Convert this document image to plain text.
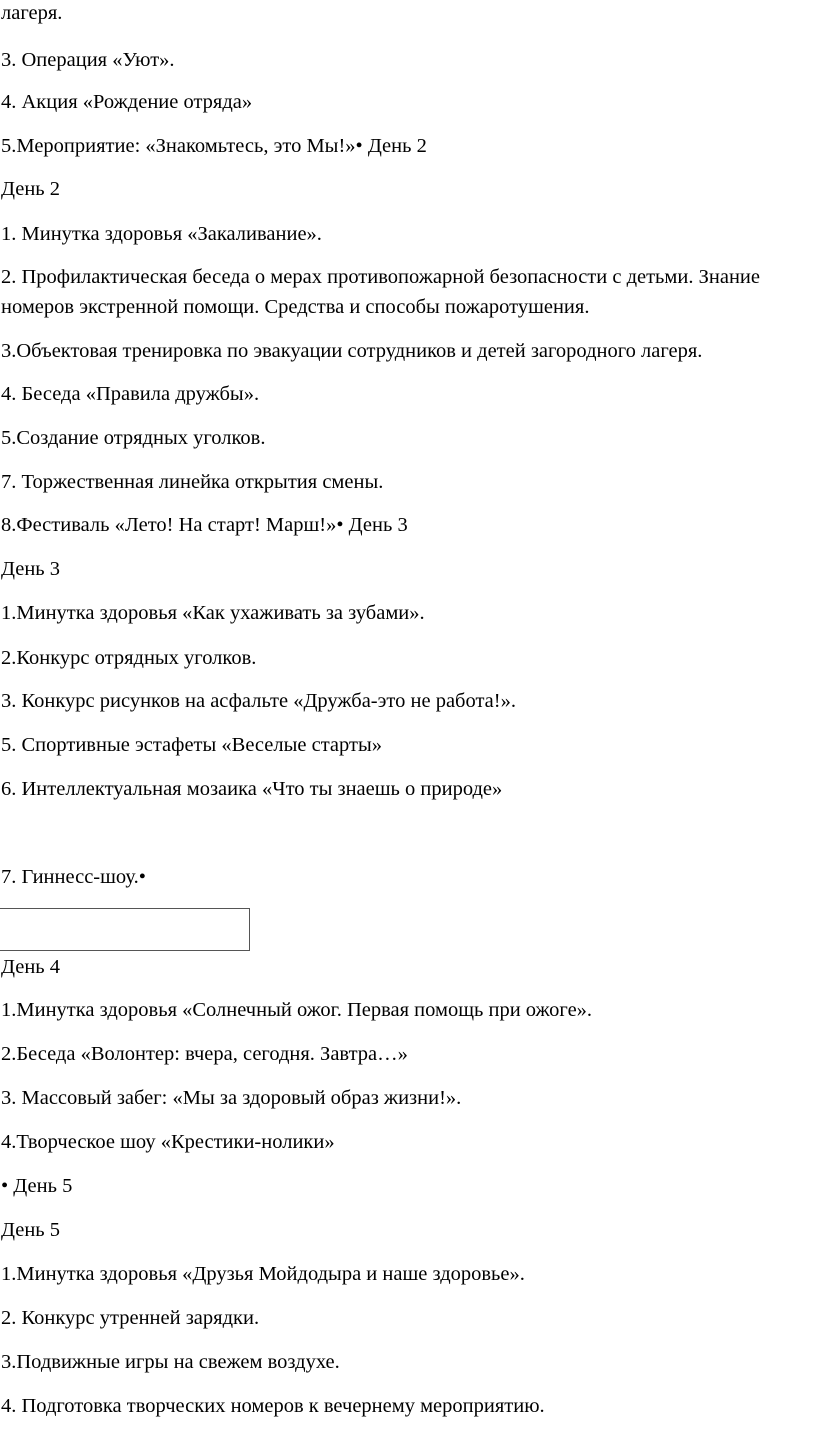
лагеря.
3. Операция «Уют».
4. Акция «Рождение отряда»
5.Мероприятие: «Знакомьтесь, это Мы!»• День 2
День 2
1. Минутка здоровья «Закаливание».
2. Профилактическая беседа о мерах противопожарной безопасности с детьми. Знание номеров экстренной помощи. Средства и способы пожаротушения.
3.Объектовая тренировка по эвакуации сотрудников и детей загородного лагеря.
4. Беседа «Правила дружбы».
5.Создание отрядных уголков.
7. Торжественная линейка открытия смены.
8.Фестиваль «Лето! На старт! Марш!»• День 3
День 3
1.Минутка здоровья «Как ухаживать за зубами».
2.Конкурс отрядных уголков.
3. Конкурс рисунков на асфальте «Дружба-это не работа!».
5. Спортивные эстафеты «Веселые старты»
6. Интеллектуальная мозаика «Что ты знаешь о природе»
7. Гиннесс-шоу.•
День 4
1.Минутка здоровья «Солнечный ожог. Первая помощь при ожоге».
2.Беседа «Волонтер: вчера, сегодня. Завтра…»
3. Массовый забег: «Мы за здоровый образ жизни!».
4.Творческое шоу «Крестики-нолики»
• День 5
День 5
1.Минутка здоровья «Друзья Мойдодыра и наше здоровье».
2. Конкурс утренней зарядки.
3.Подвижные игры на свежем воздухе.
4. Подготовка творческих номеров к вечернему мероприятию.
